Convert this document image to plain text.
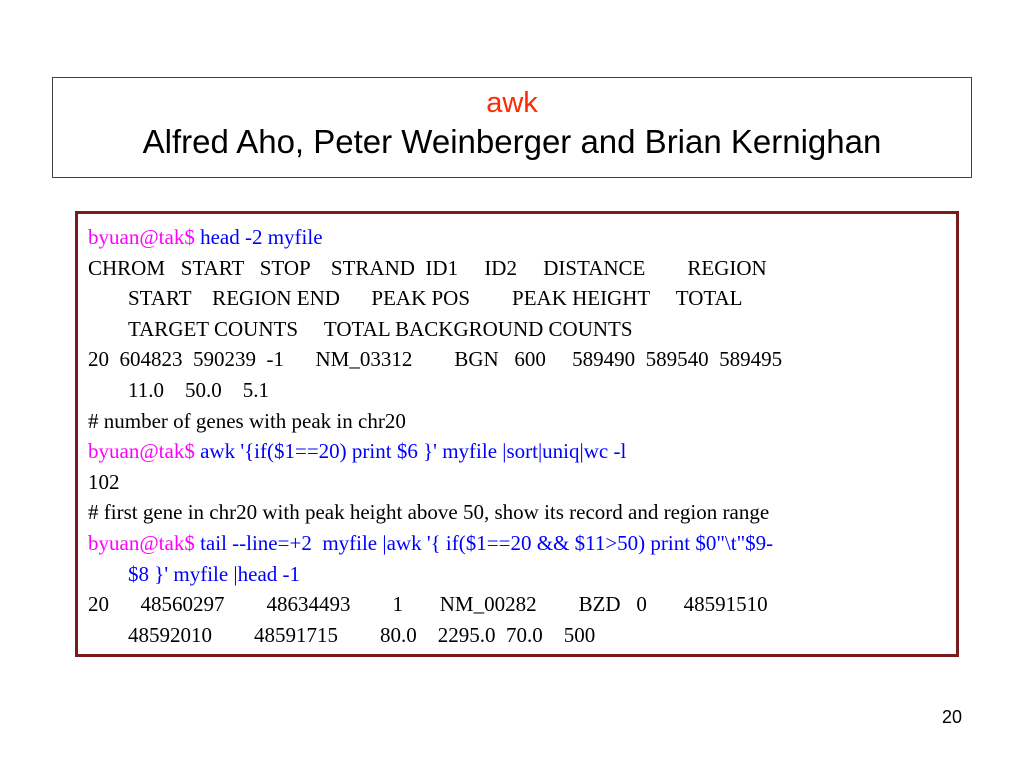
awk
Alfred Aho, Peter Weinberger and Brian Kernighan

byuan@tak$ head -2 myfile

CHROM   START   STOP    STRAND  ID1     ID2     DISTANCE        REGION

START    REGION END      PEAK POS        PEAK HEIGHT     TOTAL

TARGET COUNTS     TOTAL BACKGROUND COUNTS

20  604823  590239  -1      NM_03312        BGN   600     589490  589540  589495

11.0    50.0    5.1

# number of genes with peak in chr20

byuan@tak$ awk '{if($1==20) print $6 }' myfile |sort|uniq|wc -l

102

# first gene in chr20 with peak height above 50, show its record and region range

byuan@tak$ tail --line=+2  myfile |awk '{ if($1==20 && $11>50) print $0"\t"$9-

$8 }' myfile |head -1

20      48560297        48634493        1       NM_00282        BZD   0       48591510

48592010        48591715        80.0    2295.0  70.0    500

20
